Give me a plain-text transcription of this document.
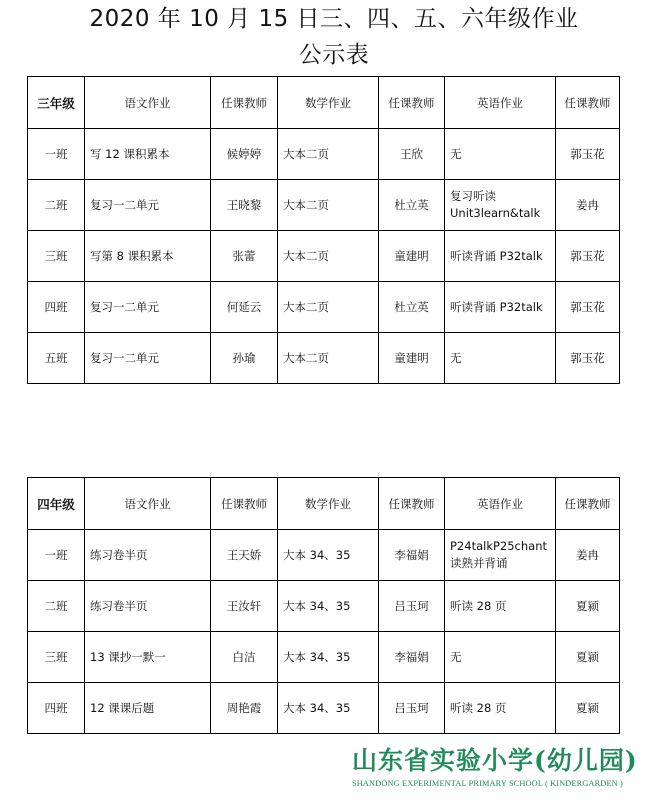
2020 年 10 月 15 日三、四、五、六年级作业
公示表
三年级	语文作业	任课教师	数学作业	任课教师	英语作业	任课教师
一班	写 12 课积累本	候婷婷	大本二页	王欣	无	郭玉花
二班	复习一二单元	王晓黎	大本二页	杜立英	复习听读
Unit3learn&talk	姜冉
三班	写第 8 课积累本	张蕾	大本二页	童建明	听读背诵 P32talk	郭玉花
四班	复习一二单元	何延云	大本二页	杜立英	听读背诵 P32talk	郭玉花
五班	复习一二单元	孙瑜	大本二页	童建明	无	郭玉花
四年级	语文作业	任课教师	数学作业	任课教师	英语作业	任课教师
一班	练习卷半页	王天娇	大本 34、35	李福娟	P24talkP25chant
读熟并背诵	姜冉
二班	练习卷半页	王汝轩	大本 34、35	吕玉珂	听读 28 页	夏颍
三班	13 课抄一默一	白洁	大本 34、35	李福娟	无	夏颍
四班	12 课课后题	周艳霞	大本 34、35	吕玉珂	听读 28 页	夏颍
山东省实验小学(幼儿园)
SHANDONG EXPERIMENTAL PRIMARY SCHOOL ( KINDERGARDEN )
